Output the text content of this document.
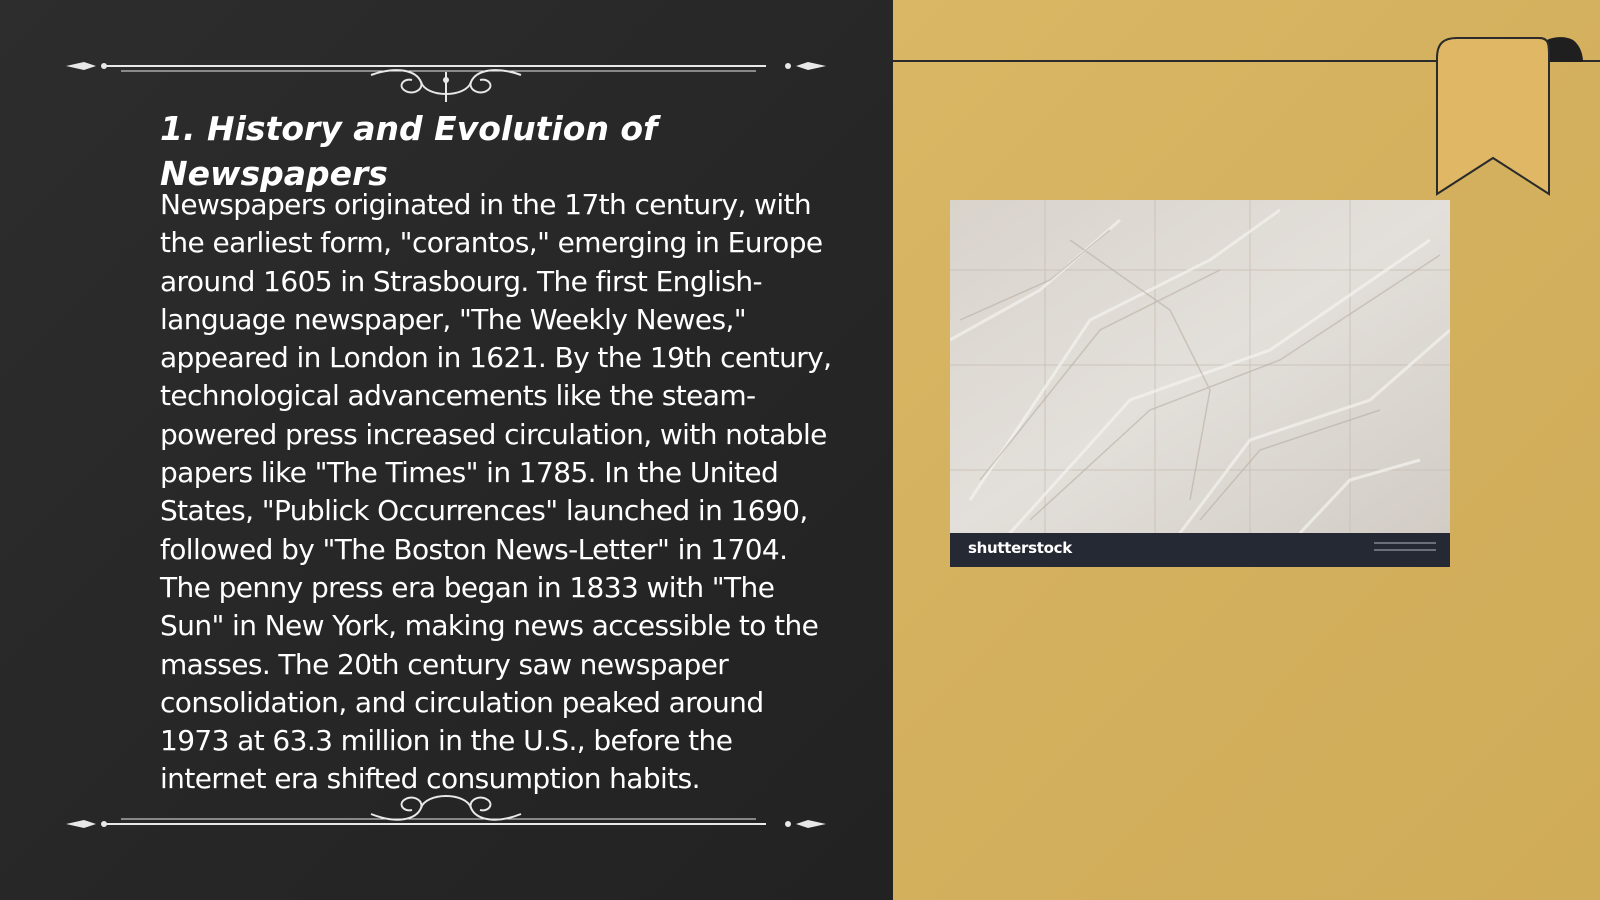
1. History and Evolution of Newspapers

Newspapers originated in the 17th century, with the earliest form, "corantos," emerging in Europe around 1605 in Strasbourg. The first English-language newspaper, "The Weekly Newes," appeared in London in 1621. By the 19th century, technological advancements like the steam-powered press increased circulation, with notable papers like "The Times" in 1785. In the United States, "Publick Occurrences" launched in 1690, followed by "The Boston News-Letter" in 1704. The penny press era began in 1833 with "The Sun" in New York, making news accessible to the masses. The 20th century saw newspaper consolidation, and circulation peaked around 1973 at 63.3 million in the U.S., before the internet era shifted consumption habits.

shutterstock
